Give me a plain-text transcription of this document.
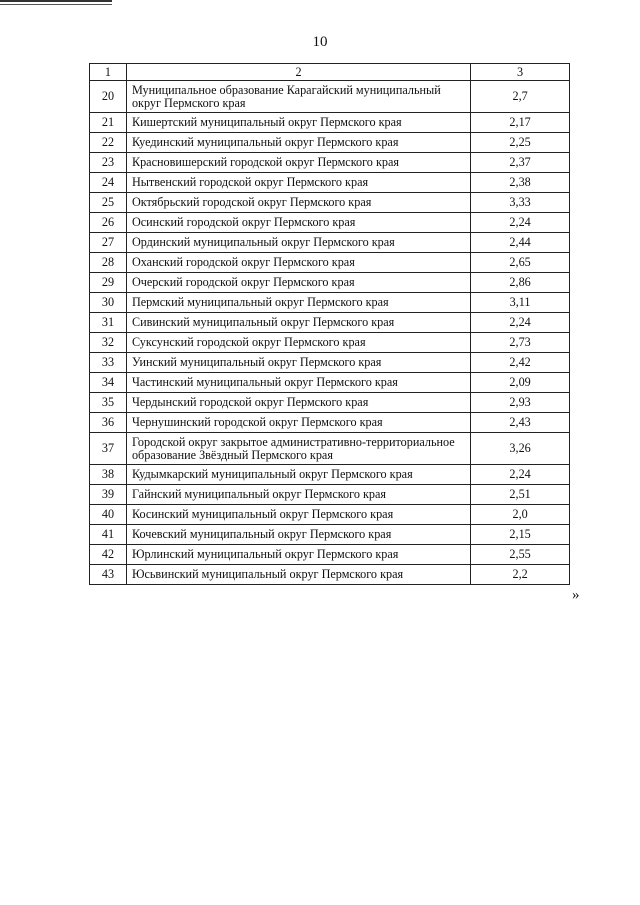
10
1	2	3
20	Муниципальное образование Карагайский муниципальный округ Пермского края	2,7
21	Кишертский муниципальный округ Пермского края	2,17
22	Куединский муниципальный округ Пермского края	2,25
23	Красновишерский городской округ Пермского края	2,37
24	Нытвенский городской округ Пермского края	2,38
25	Октябрьский городской округ Пермского края	3,33
26	Осинский городской округ Пермского края	2,24
27	Ординский муниципальный округ Пермского края	2,44
28	Оханский городской округ Пермского края	2,65
29	Очерский городской округ Пермского края	2,86
30	Пермский муниципальный округ Пермского края	3,11
31	Сивинский муниципальный округ Пермского края	2,24
32	Суксунский городской округ Пермского края	2,73
33	Уинский муниципальный округ Пермского края	2,42
34	Частинский муниципальный округ Пермского края	2,09
35	Чердынский городской округ Пермского края	2,93
36	Чернушинский городской округ Пермского края	2,43
37	Городской округ закрытое административно-территориальное образование Звёздный Пермского края	3,26
38	Кудымкарский муниципальный округ Пермского края	2,24
39	Гайнский муниципальный округ Пермского края	2,51
40	Косинский муниципальный округ Пермского края	2,0
41	Кочевский муниципальный округ Пермского края	2,15
42	Юрлинский муниципальный округ Пермского края	2,55
43	Юсьвинский муниципальный округ Пермского края	2,2
»
